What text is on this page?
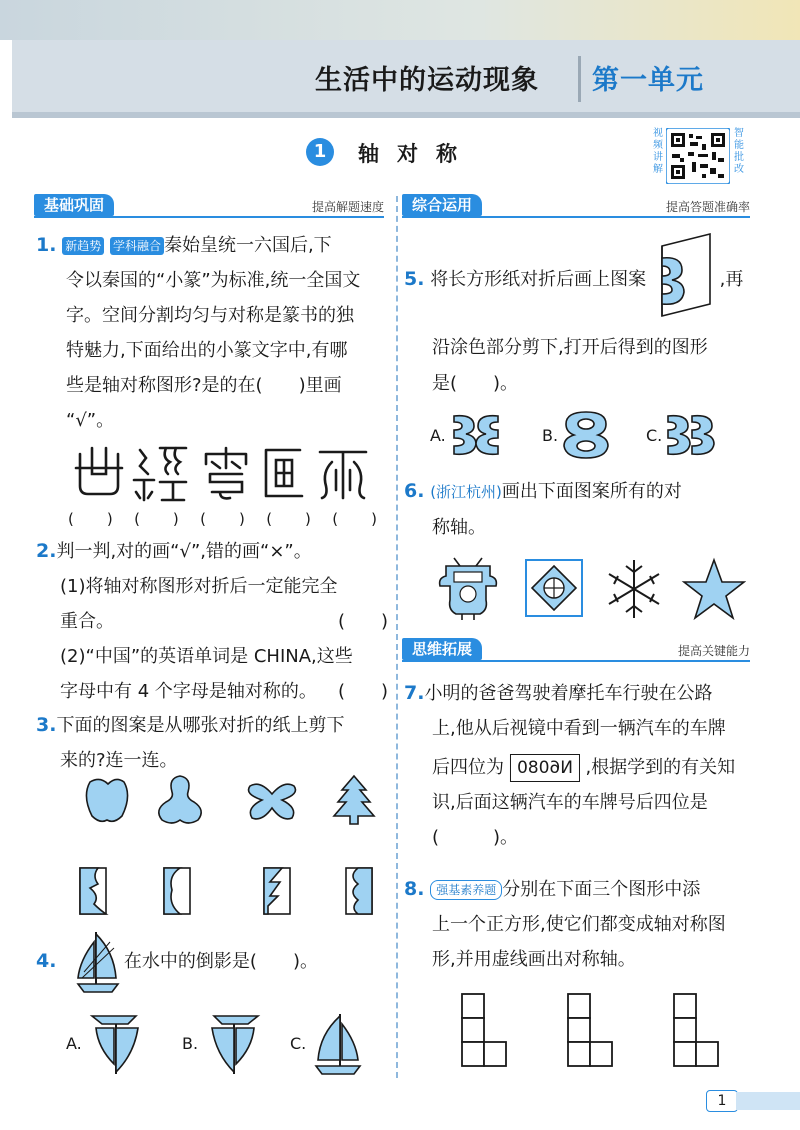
生活中的运动现象 第一单元
1	轴对称
视频讲解
智能批改
基础巩固	提高解题速度	综合运用	提高答题准确率
思维拓展	提高关键能力
1. 新趋势 学科融合 秦始皇统一六国后,下
令以秦国的“小篆”为标准,统一全国文
字。空间分割均匀与对称是篆书的独
特魅力,下面给出的小篆文字中,有哪
些是轴对称图形?是的在(　　)里画
“√”。
(　　) (　　) (　　) (　　) (　　)
2.判一判,对的画“√”,错的画“×”。
(1)将轴对称图形对折后一定能完全
重合。	(　　)
(2)“中国”的英语单词是 CHINA,这些
字母中有 4 个字母是轴对称的。 (　　)
3.下面的图案是从哪张对折的纸上剪下
来的?连一连。
4.	在水中的倒影是(　　)。
A.	B.	C.
5. 将长方形纸对折后画上图案	,再
沿涂色部分剪下,打开后得到的图形
是(　　)。
A.	B.	C.
6. (浙江杭州)画出下面图案所有的对
称轴。
7.小明的爸爸驾驶着摩托车行驶在公路
上,他从后视镜中看到一辆汽车的车牌
后四位为 N6080 ,根据学到的有关知
识,后面这辆汽车的车牌号后四位是
(　　　)。
8. 强基素养题 分别在下面三个图形中添
上一个正方形,使它们都变成轴对称图
形,并用虚线画出对称轴。
1
